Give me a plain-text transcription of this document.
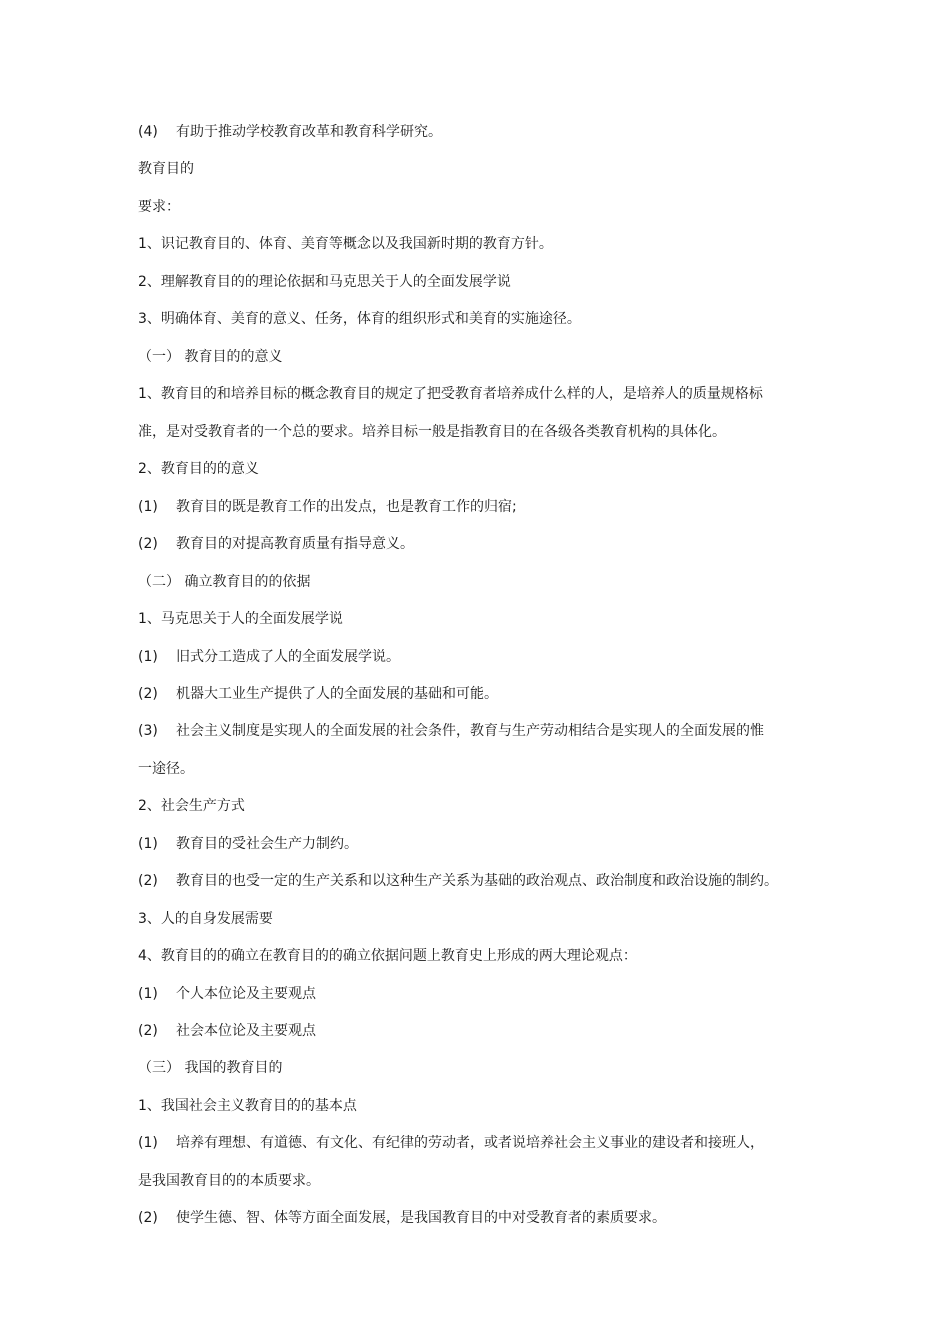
(4) 有助于推动学校教育改革和教育科学研究。
教育目的
要求：
1、识记教育目的、体育、美育等概念以及我国新时期的教育方针。
2、理解教育目的的理论依据和马克思关于人的全面发展学说
3、明确体育、美育的意义、任务，体育的组织形式和美育的实施途径。
（一） 教育目的的意义
1、教育目的和培养目标的概念教育目的规定了把受教育者培养成什么样的人，是培养人的质量规格标
准，是对受教育者的一个总的要求。培养目标一般是指教育目的在各级各类教育机构的具体化。
2、教育目的的意义
(1) 教育目的既是教育工作的出发点，也是教育工作的归宿;
(2) 教育目的对提高教育质量有指导意义。
（二） 确立教育目的的依据
1、马克思关于人的全面发展学说
(1) 旧式分工造成了人的全面发展学说。
(2) 机器大工业生产提供了人的全面发展的基础和可能。
(3) 社会主义制度是实现人的全面发展的社会条件，教育与生产劳动相结合是实现人的全面发展的惟
一途径。
2、社会生产方式
(1) 教育目的受社会生产力制约。
(2) 教育目的也受一定的生产关系和以这种生产关系为基础的政治观点、政治制度和政治设施的制约。
3、人的自身发展需要
4、教育目的的确立在教育目的的确立依据问题上教育史上形成的两大理论观点：
(1) 个人本位论及主要观点
(2) 社会本位论及主要观点
（三） 我国的教育目的
1、我国社会主义教育目的的基本点
(1) 培养有理想、有道德、有文化、有纪律的劳动者，或者说培养社会主义事业的建设者和接班人，
是我国教育目的的本质要求。
(2) 使学生德、智、体等方面全面发展，是我国教育目的中对受教育者的素质要求。
